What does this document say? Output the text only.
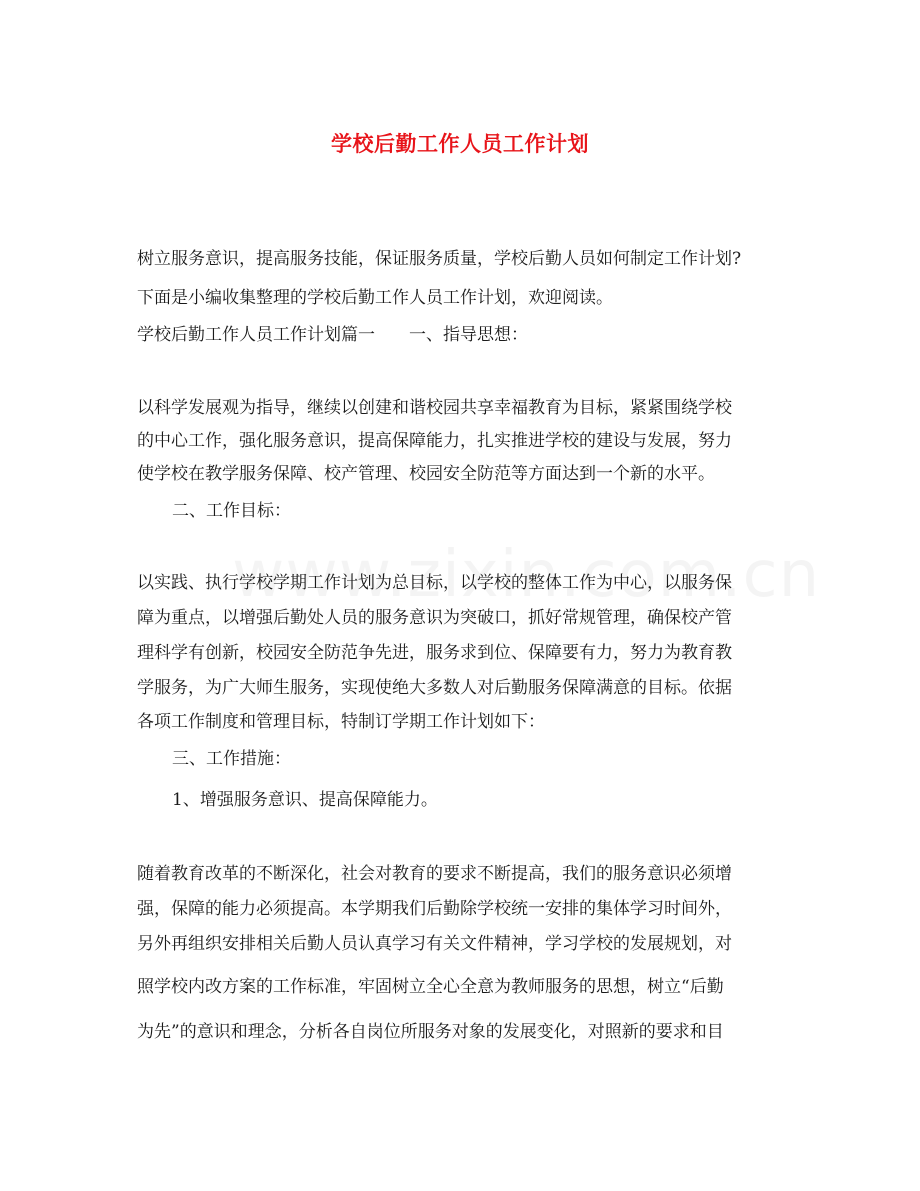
学校后勤工作人员工作计划
树立服务意识，提高服务技能，保证服务质量，学校后勤人员如何制定工作计划?
下面是小编收集整理的学校后勤工作人员工作计划，欢迎阅读。
学校后勤工作人员工作计划篇一　　一、指导思想：
以科学发展观为指导，继续以创建和谐校园共享幸福教育为目标，紧紧围绕学校
的中心工作，强化服务意识，提高保障能力，扎实推进学校的建设与发展，努力
使学校在教学服务保障、校产管理、校园安全防范等方面达到一个新的水平。
二、工作目标：
以实践、执行学校学期工作计划为总目标，以学校的整体工作为中心，以服务保
障为重点，以增强后勤处人员的服务意识为突破口，抓好常规管理，确保校产管
理科学有创新，校园安全防范争先进，服务求到位、保障要有力，努力为教育教
学服务，为广大师生服务，实现使绝大多数人对后勤服务保障满意的目标。依据
各项工作制度和管理目标，特制订学期工作计划如下：
三、工作措施：
1、增强服务意识、提高保障能力。
随着教育改革的不断深化，社会对教育的要求不断提高，我们的服务意识必须增
强，保障的能力必须提高。本学期我们后勤除学校统一安排的集体学习时间外，
另外再组织安排相关后勤人员认真学习有关文件精神，学习学校的发展规划，对
照学校内改方案的工作标准，牢固树立全心全意为教师服务的思想，树立“后勤
为先”的意识和理念，分析各自岗位所服务对象的发展变化，对照新的要求和目
